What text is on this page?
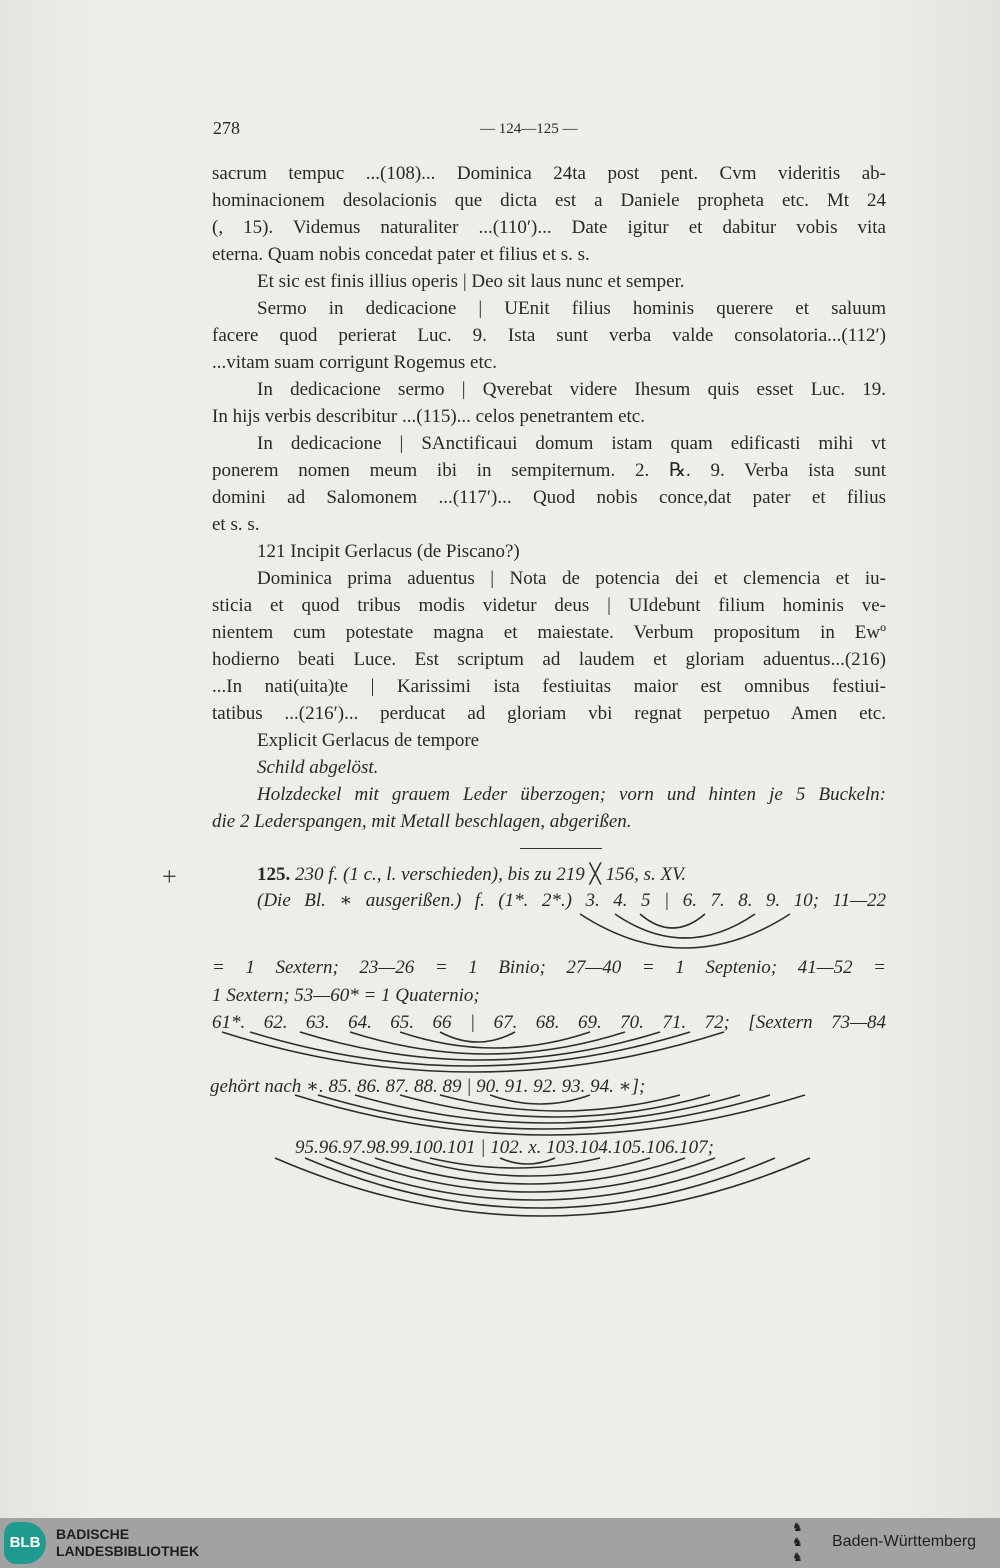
278	— 124—125 —
sacrum tempuc ...(108)... Dominica 24ta post pent. Cvm videritis ab-
hominacionem desolacionis que dicta est a Daniele propheta etc. Mt 24
(, 15). Videmus naturaliter ...(110′)... Date igitur et dabitur vobis vita
eterna. Quam nobis concedat pater et filius et s. s.
Et sic est finis illius operis | Deo sit laus nunc et semper.
Sermo in dedicacione | UEnit filius hominis querere et saluum
facere quod perierat Luc. 9. Ista sunt verba valde consolatoria...(112′)
...vitam suam corrigunt Rogemus etc.
In dedicacione sermo | Qverebat videre Ihesum quis esset Luc. 19.
In hijs verbis describitur ...(115)... celos penetrantem etc.
In dedicacione | SAnctificaui domum istam quam edificasti mihi vt
ponerem nomen meum ibi in sempiternum. 2. ℞. 9. Verba ista sunt
domini ad Salomonem ...(117′)... Quod nobis conce,dat pater et filius
et s. s.
121 Incipit Gerlacus (de Piscano?)
Dominica prima aduentus | Nota de potencia dei et clemencia et iu-
sticia et quod tribus modis videtur deus | UIdebunt filium hominis ve-
nientem cum potestate magna et maiestate. Verbum propositum in Ewº
hodierno beati Luce. Est scriptum ad laudem et gloriam aduentus...(216)
...In nati(uita)te | Karissimi ista festiuitas maior est omnibus festiui-
tatibus ...(216′)... perducat ad gloriam vbi regnat perpetuo Amen etc.
Explicit Gerlacus de tempore
Schild abgelöst.
Holzdeckel mit grauem Leder überzogen; vorn und hinten je 5 Buckeln:
die 2 Lederspangen, mit Metall beschlagen, abgerißen.
+	125. 230 f. (1 c., l. verschieden), bis zu 219 ╳ 156, s. XV.
(Die Bl. ∗ ausgerißen.) f. (1*. 2*.) 3. 4. 5 | 6. 7. 8. 9. 10; 11—22
= 1 Sextern; 23—26 = 1 Binio; 27—40 = 1 Septenio; 41—52 =
1 Sextern; 53—60* = 1 Quaternio;
61*. 62. 63. 64. 65. 66 | 67. 68. 69. 70. 71. 72; [Sextern 73—84
gehört nach ∗. 85. 86. 87. 88. 89 | 90. 91. 92. 93. 94. ∗];
95.96.97.98.99.100.101 | 102. x. 103.104.105.106.107;
BLB	BADISCHE
LANDESBIBLIOTHEK
♞
♞
♞
Baden-Württemberg
